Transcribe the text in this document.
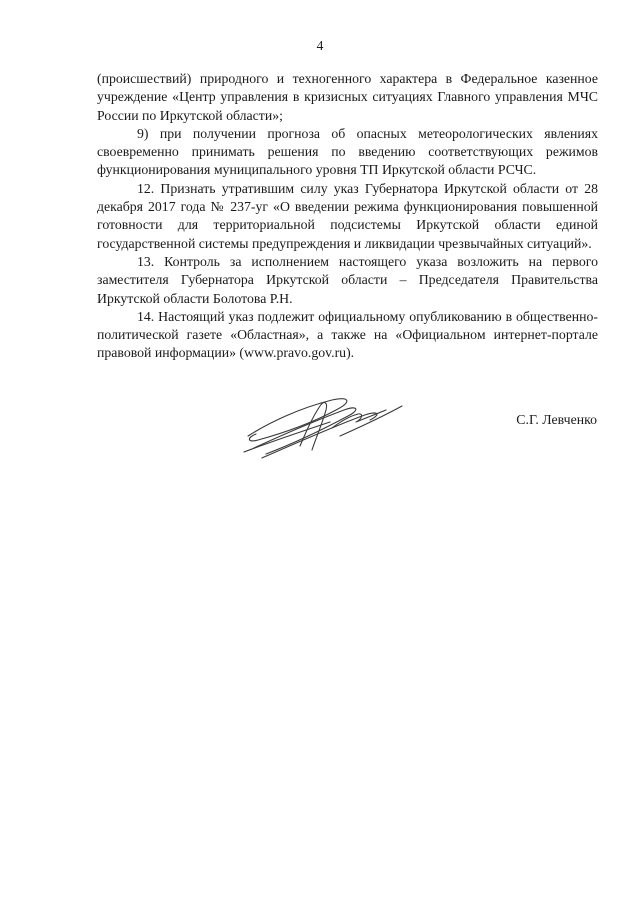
4

(происшествий) природного и техногенного характера в Федеральное казенное учреждение «Центр управления в кризисных ситуациях Главного управления МЧС России по Иркутской области»;

9) при получении прогноза об опасных метеорологических явлениях своевременно принимать решения по введению соответствующих режимов функционирования муниципального уровня ТП Иркутской области РСЧС.

12. Признать утратившим силу указ Губернатора Иркутской области от 28 декабря 2017 года № 237-уг «О введении режима функционирования повышенной готовности для территориальной подсистемы Иркутской области единой государственной системы предупреждения и ликвидации чрезвычайных ситуаций».

13. Контроль за исполнением настоящего указа возложить на первого заместителя Губернатора Иркутской области – Председателя Правительства Иркутской области Болотова Р.Н.

14. Настоящий указ подлежит официальному опубликованию в общественно-политической газете «Областная», а также на «Официальном интернет-портале правовой информации» (www.pravo.gov.ru).

С.Г. Левченко
